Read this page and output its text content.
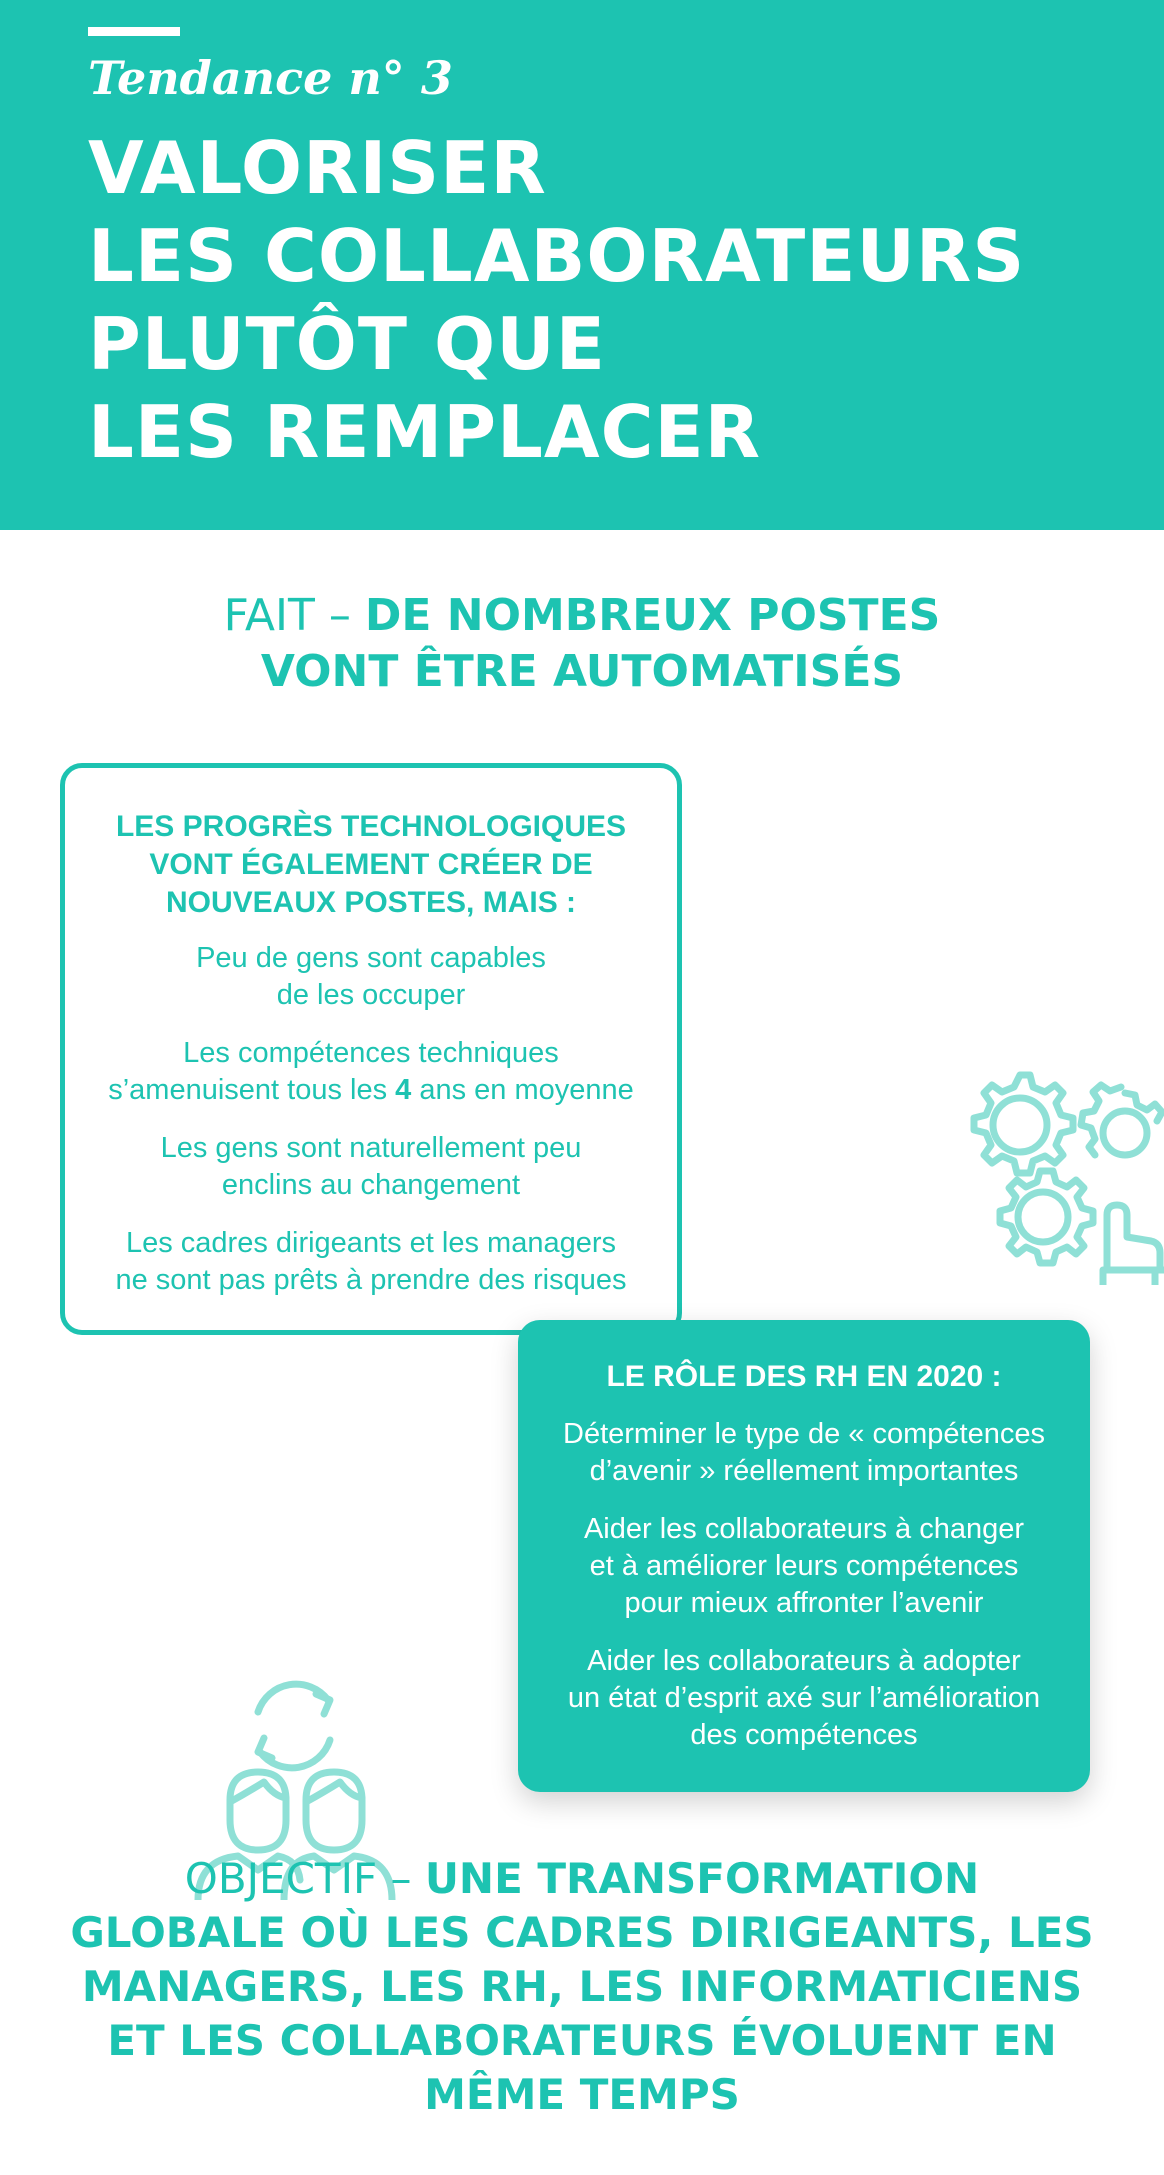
Tendance n° 3
VALORISER
LES COLLABORATEURS
PLUTÔT QUE
LES REMPLACER
FAIT – DE NOMBREUX POSTES
VONT ÊTRE AUTOMATISÉS
LES PROGRÈS TECHNOLOGIQUES
VONT ÉGALEMENT CRÉER DE
NOUVEAUX POSTES, MAIS :
Peu de gens sont capables
de les occuper
Les compétences techniques
s’amenuisent tous les 4 ans en moyenne
Les gens sont naturellement peu
enclins au changement
Les cadres dirigeants et les managers
ne sont pas prêts à prendre des risques
LE RÔLE DES RH EN 2020 :
Déterminer le type de « compétences
d’avenir » réellement importantes
Aider les collaborateurs à changer
et à améliorer leurs compétences
pour mieux affronter l’avenir
Aider les collaborateurs à adopter
un état d’esprit axé sur l’amélioration
des compétences
OBJECTIF – UNE TRANSFORMATION
GLOBALE OÙ LES CADRES DIRIGEANTS, LES
MANAGERS, LES RH, LES INFORMATICIENS
ET LES COLLABORATEURS ÉVOLUENT EN
MÊME TEMPS
